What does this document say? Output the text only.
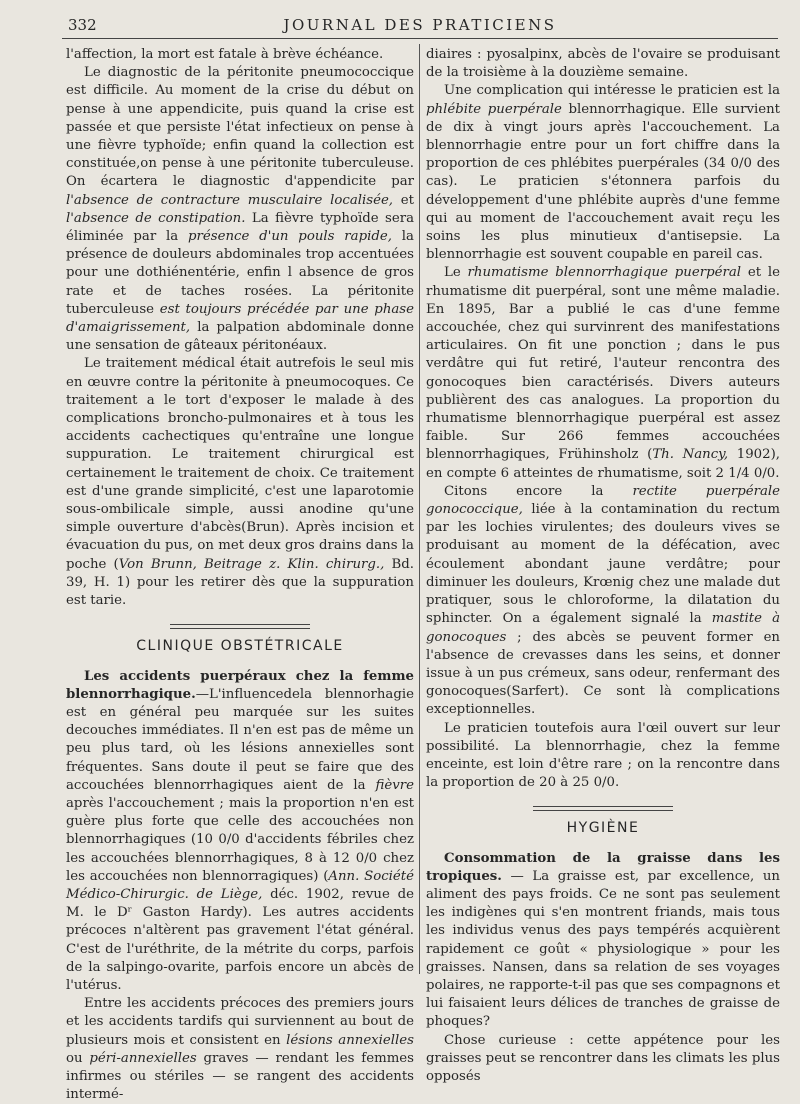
332	JOURNAL DES PRATICIENS

l'affection, la mort est fatale à brève échéance.

Le diagnostic de la péritonite pneumococcique est difficile. Au moment de la crise du début on pense à une appendicite, puis quand la crise est passée et que persiste l'état infectieux on pense à une fièvre typhoïde; enfin quand la collection est constituée,on pense à une péritonite tuberculeuse. On écartera le diagnostic d'appendicite par l'absence de contracture musculaire localisée, et l'absence de constipation. La fièvre typhoïde sera éliminée par la présence d'un pouls rapide, la présence de douleurs abdominales trop accentuées pour une dothiénentérie, enfin l absence de gros rate et de taches rosées. La péritonite tuberculeuse est toujours précédée par une phase d'amaigrissement, la palpation abdominale donne une sensation de gâteaux péritonéaux.

Le traitement médical était autrefois le seul mis en œuvre contre la péritonite à pneumocoques. Ce traitement a le tort d'exposer le malade à des complications broncho-pulmonaires et à tous les accidents cachectiques qu'entraîne une longue suppuration. Le traitement chirurgical est certainement le traitement de choix. Ce traitement est d'une grande simplicité, c'est une laparotomie sous-ombilicale simple, aussi anodine qu'une simple ouverture d'abcès(Brun). Après incision et évacuation du pus, on met deux gros drains dans la poche (Von Brunn, Beitrage z. Klin. chirurg., Bd. 39, H. 1) pour les retirer dès que la suppuration est tarie.

CLINIQUE OBSTÉTRICALE

Les accidents puerpéraux chez la femme blennorrhagique.—L'influencedela blennorhagie est en général peu marquée sur les suites decouches immédiates. Il n'en est pas de même un peu plus tard, où les lésions annexielles sont fréquentes. Sans doute il peut se faire que des accouchées blennorrhagiques aient de la fièvre après l'accouchement ; mais la proportion n'en est guère plus forte que celle des accouchées non blennorrhagiques (10 0/0 d'accidents fébriles chez les accouchées blennorrhagiques, 8 à 12 0/0 chez les accouchées non blennorragiques) (Ann. Société Médico-Chirurgic. de Liège, déc. 1902, revue de M. le Dʳ Gaston Hardy). Les autres accidents précoces n'altèrent pas gravement l'état général. C'est de l'uréthrite, de la métrite du corps, parfois de la salpingo-ovarite, parfois encore un abcès de l'utérus.

Entre les accidents précoces des premiers jours et les accidents tardifs qui surviennent au bout de plusieurs mois et consistent en lésions annexielles ou péri-annexielles graves — rendant les femmes infirmes ou stériles — se rangent des accidents intermé-

diaires : pyosalpinx, abcès de l'ovaire se produisant de la troisième à la douzième semaine.

Une complication qui intéresse le praticien est la phlébite puerpérale blennorrhagique. Elle survient de dix à vingt jours après l'accouchement. La blennorrhagie entre pour un fort chiffre dans la proportion de ces phlébites puerpérales (34 0/0 des cas). Le praticien s'étonnera parfois du développement d'une phlébite auprès d'une femme qui au moment de l'accouchement avait reçu les soins les plus minutieux d'antisepsie. La blennorrhagie est souvent coupable en pareil cas.

Le rhumatisme blennorrhagique puerpéral et le rhumatisme dit puerpéral, sont une même maladie. En 1895, Bar a publié le cas d'une femme accouchée, chez qui survinrent des manifestations articulaires. On fit une ponction ; dans le pus verdâtre qui fut retiré, l'auteur rencontra des gonocoques bien caractérisés. Divers auteurs publièrent des cas analogues. La proportion du rhumatisme blennorrhagique puerpéral est assez faible. Sur 266 femmes accouchées blennorrhagiques, Frühinsholz (Th. Nancy, 1902), en compte 6 atteintes de rhumatisme, soit 2 1/4 0/0.

Citons encore la rectite puerpérale gonococcique, liée à la contamination du rectum par les lochies virulentes; des douleurs vives se produisant au moment de la défécation, avec écoulement abondant jaune verdâtre; pour diminuer les douleurs, Krœnig chez une malade dut pratiquer, sous le chloroforme, la dilatation du sphincter. On a également signalé la mastite à gonocoques ; des abcès se peuvent former en l'absence de crevasses dans les seins, et donner issue à un pus crémeux, sans odeur, renfermant des gonocoques(Sarfert). Ce sont là complications exceptionnelles.

Le praticien toutefois aura l'œil ouvert sur leur possibilité. La blennorrhagie, chez la femme enceinte, est loin d'être rare ; on la rencontre dans la proportion de 20 à 25 0/0.

HYGIÈNE

Consommation de la graisse dans les tropiques. — La graisse est, par excellence, un aliment des pays froids. Ce ne sont pas seulement les indigènes qui s'en montrent friands, mais tous les individus venus des pays tempérés acquièrent rapidement ce goût « physiologique » pour les graisses. Nansen, dans sa relation de ses voyages polaires, ne rapporte-t-il pas que ses compagnons et lui faisaient leurs délices de tranches de graisse de phoques?

Chose curieuse : cette appétence pour les graisses peut se rencontrer dans les climats les plus opposés
